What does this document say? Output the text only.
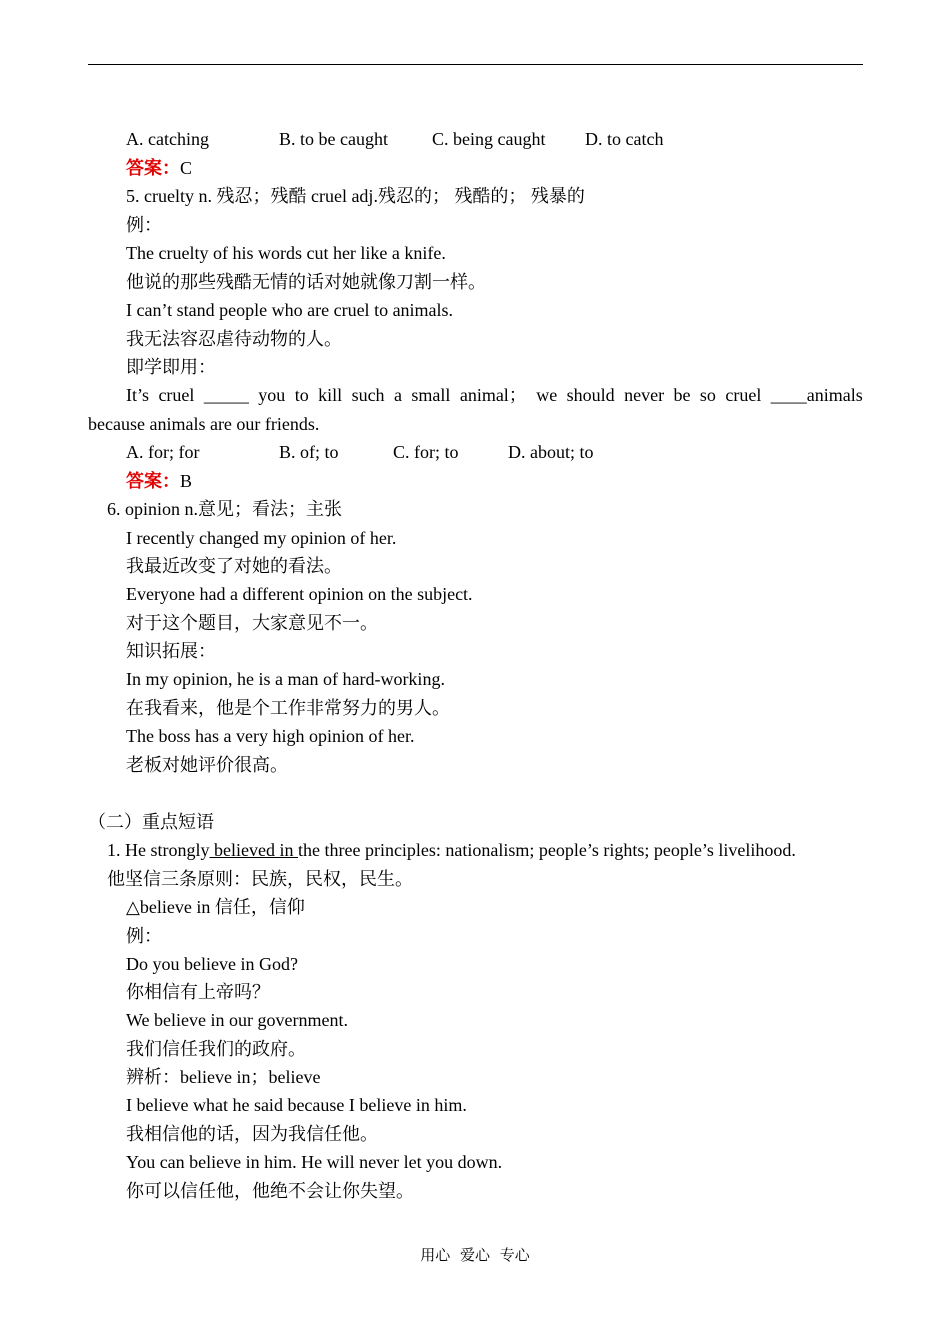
A. catching	B. to be caught C. being caught D. to catch
答案：C
5. cruelty n. 残忍；残酷 cruel adj.残忍的； 残酷的； 残暴的
例：
The cruelty of his words cut her like a knife.
他说的那些残酷无情的话对她就像刀割一样。
I can’t stand people who are cruel to animals.
我无法容忍虐待动物的人。
即学即用：
It’s cruel _____ you to kill such a small animal； we should never be so cruel ____animals
because animals are our friends.
A. for; for	B. of; to	C. for; to	D. about; to
答案：B
6. opinion n.意见；看法；主张
I recently changed my opinion of her.
我最近改变了对她的看法。
Everyone had a different opinion on the subject.
对于这个题目，大家意见不一。
知识拓展：
In my opinion, he is a man of hard-working.
在我看来，他是个工作非常努力的男人。
The boss has a very high opinion of her.
老板对她评价很高。
（二）重点短语
1. He strongly believed in the three principles: nationalism; people’s rights; people’s livelihood.
他坚信三条原则：民族，民权，民生。
△believe in 信任，信仰
例：
Do you believe in God?
你相信有上帝吗？
We believe in our government.
我们信任我们的政府。
辨析：believe in；believe
I believe what he said because I believe in him.
我相信他的话，因为我信任他。
You can believe in him. He will never let you down.
你可以信任他，他绝不会让你失望。
用心 爱心 专心
